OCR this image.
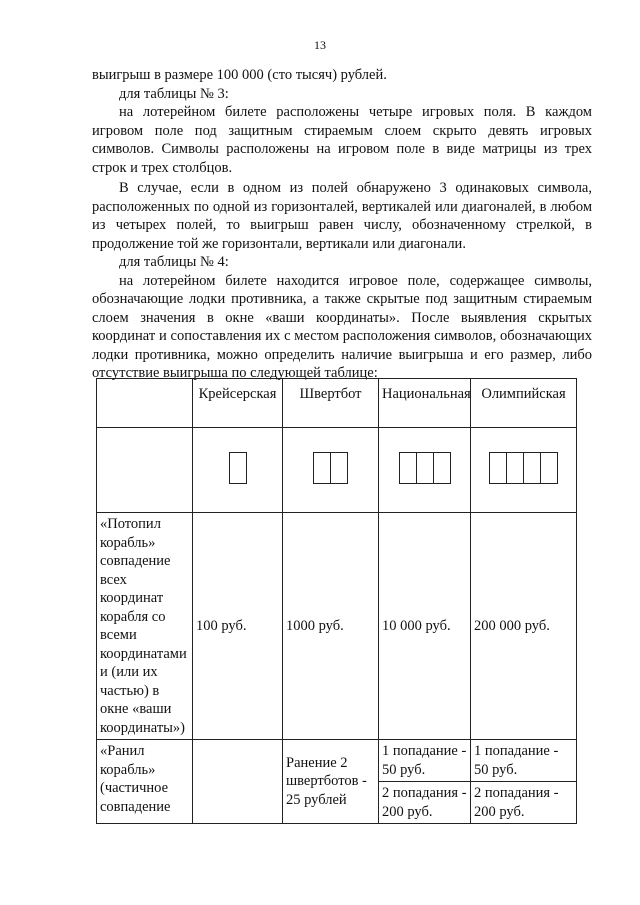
13

выигрыш в размере 100 000 (сто тысяч) рублей.

для таблицы № 3:

на лотерейном билете расположены четыре игровых поля. В каждом игровом поле под защитным стираемым слоем скрыто девять игровых символов. Символы расположены на игровом поле в виде матрицы из трех строк и трех столбцов.

В случае, если в одном из полей обнаружено 3 одинаковых символа, расположенных по одной из горизонталей, вертикалей или диагоналей, в любом из четырех полей, то выигрыш равен числу, обозначенному стрелкой, в продолжение той же горизонтали, вертикали или диагонали.

для таблицы № 4:

на лотерейном билете находится игровое поле, содержащее символы, обозначающие лодки противника, а также скрытые под защитным стираемым слоем значения в окне «ваши координаты». После выявления скрытых координат и сопоставления их с местом расположения символов, обозначающих лодки противника, можно определить наличие выигрыша и его размер, либо отсутствие выигрыша по следующей таблице:

	Крейсерская	Швертбот	Национальная	Олимпийская

«Потопил корабль» совпадение всех координат корабля со всеми координатами и (или их частью) в окне «ваши координаты»)	100 руб.	1000 руб.	10 000 руб.	200 000 руб.
«Ранил корабль» (частичное совпадение		Ранение 2 швертботов - 25 рублей	1 попадание - 50 руб.	1 попадание - 50 руб.
			2 попадания - 200 руб.	2 попадания - 200 руб.
